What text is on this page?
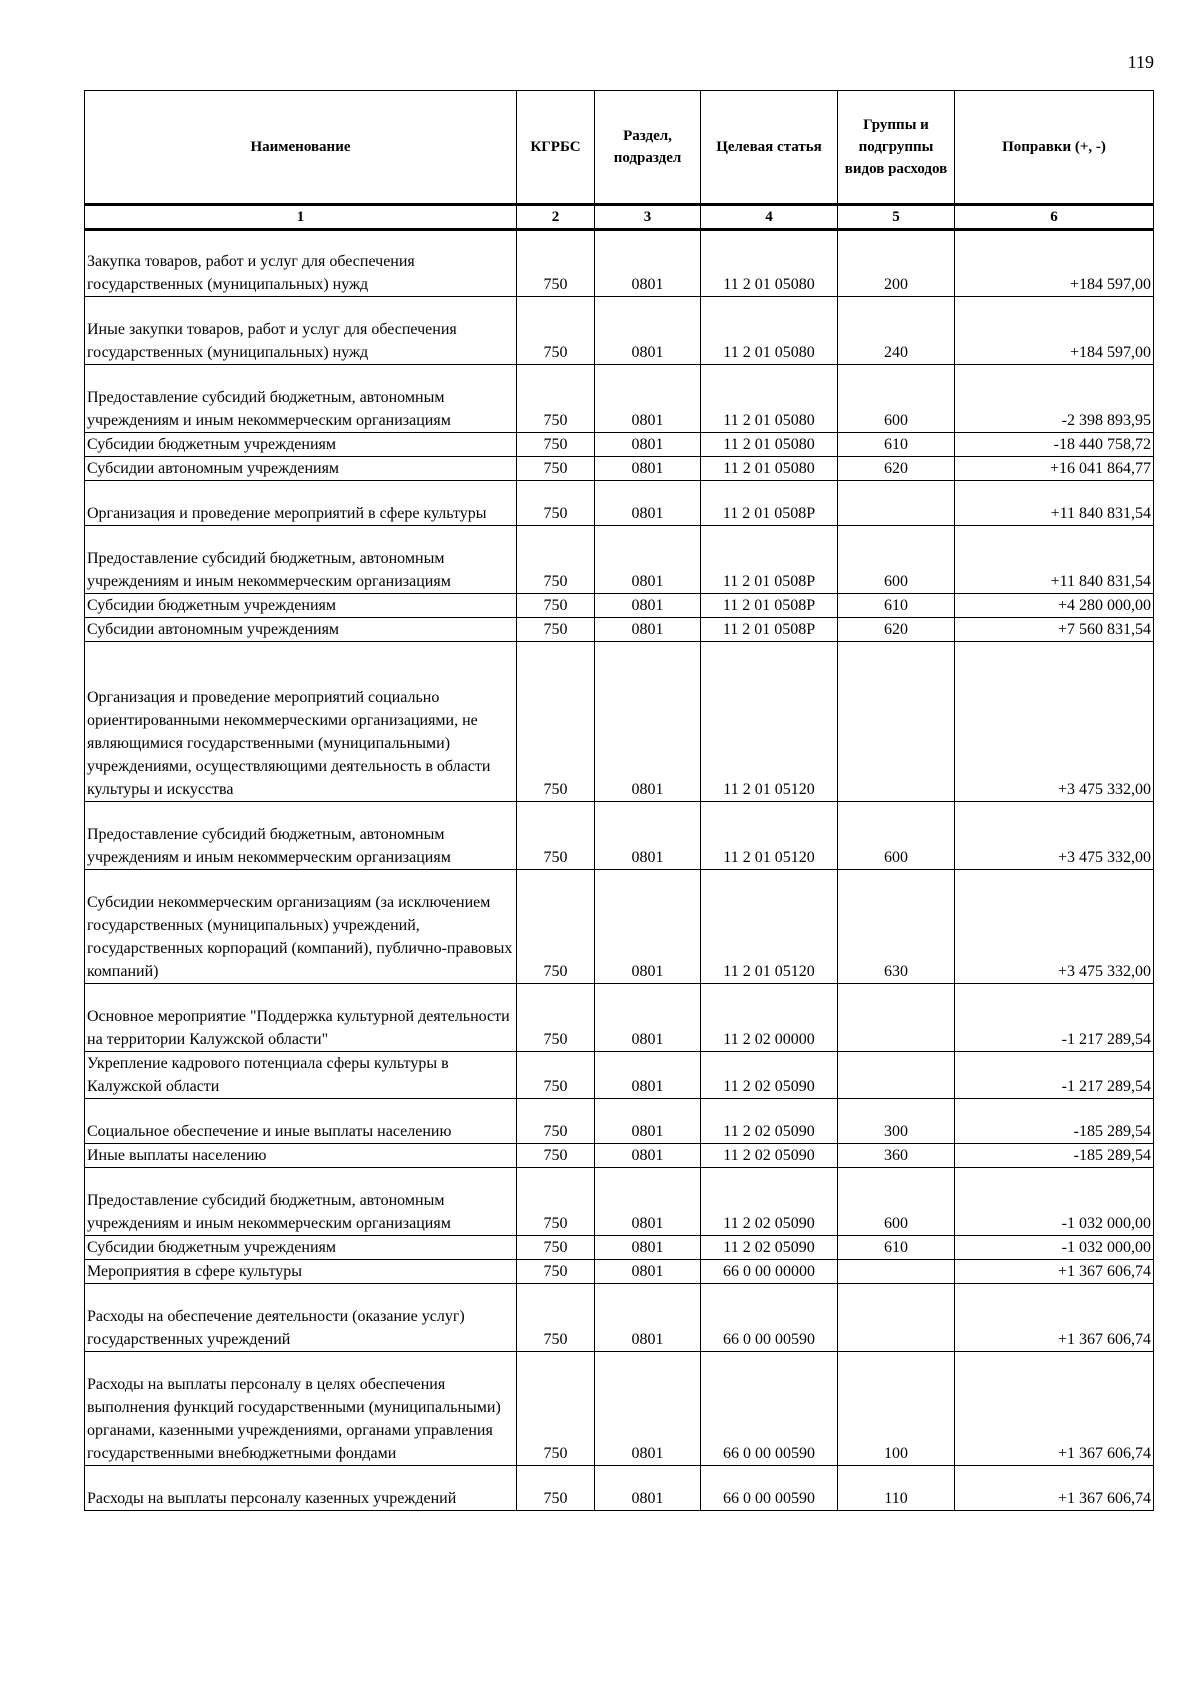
119
Наименование	КГРБС	Раздел, подраздел	Целевая статья	Группы и подгруппы видов расходов	Поправки (+, -)
1	2	3	4	5	6
Закупка товаров, работ и услуг для обеспечения государственных (муниципальных) нужд	750	0801	11 2 01 05080	200	+184 597,00
Иные закупки товаров, работ и услуг для обеспечения государственных (муниципальных) нужд	750	0801	11 2 01 05080	240	+184 597,00
Предоставление субсидий бюджетным, автономным учреждениям и иным некоммерческим организациям	750	0801	11 2 01 05080	600	-2 398 893,95
Субсидии бюджетным учреждениям	750	0801	11 2 01 05080	610	-18 440 758,72
Субсидии автономным учреждениям	750	0801	11 2 01 05080	620	+16 041 864,77
Организация и проведение мероприятий в сфере культуры	750	0801	11 2 01 0508Р		+11 840 831,54
Предоставление субсидий бюджетным, автономным учреждениям и иным некоммерческим организациям	750	0801	11 2 01 0508Р	600	+11 840 831,54
Субсидии бюджетным учреждениям	750	0801	11 2 01 0508Р	610	+4 280 000,00
Субсидии автономным учреждениям	750	0801	11 2 01 0508Р	620	+7 560 831,54
Организация и проведение мероприятий социально ориентированными некоммерческими организациями, не являющимися государственными (муниципальными) учреждениями, осуществляющими деятельность в области культуры и искусства	750	0801	11 2 01 05120		+3 475 332,00
Предоставление субсидий бюджетным, автономным учреждениям и иным некоммерческим организациям	750	0801	11 2 01 05120	600	+3 475 332,00
Субсидии некоммерческим организациям (за исключением государственных (муниципальных) учреждений, государственных корпораций (компаний), публично-правовых компаний)	750	0801	11 2 01 05120	630	+3 475 332,00
Основное мероприятие "Поддержка культурной деятельности на территории Калужской области"	750	0801	11 2 02 00000		-1 217 289,54
Укрепление кадрового потенциала сферы культуры в Калужской области	750	0801	11 2 02 05090		-1 217 289,54
Социальное обеспечение и иные выплаты населению	750	0801	11 2 02 05090	300	-185 289,54
Иные выплаты населению	750	0801	11 2 02 05090	360	-185 289,54
Предоставление субсидий бюджетным, автономным учреждениям и иным некоммерческим организациям	750	0801	11 2 02 05090	600	-1 032 000,00
Субсидии бюджетным учреждениям	750	0801	11 2 02 05090	610	-1 032 000,00
Мероприятия в сфере культуры	750	0801	66 0 00 00000		+1 367 606,74
Расходы на обеспечение деятельности (оказание услуг) государственных учреждений	750	0801	66 0 00 00590		+1 367 606,74
Расходы на выплаты персоналу в целях обеспечения выполнения функций государственными (муниципальными) органами, казенными учреждениями, органами управления государственными внебюджетными фондами	750	0801	66 0 00 00590	100	+1 367 606,74
Расходы на выплаты персоналу казенных учреждений	750	0801	66 0 00 00590	110	+1 367 606,74
